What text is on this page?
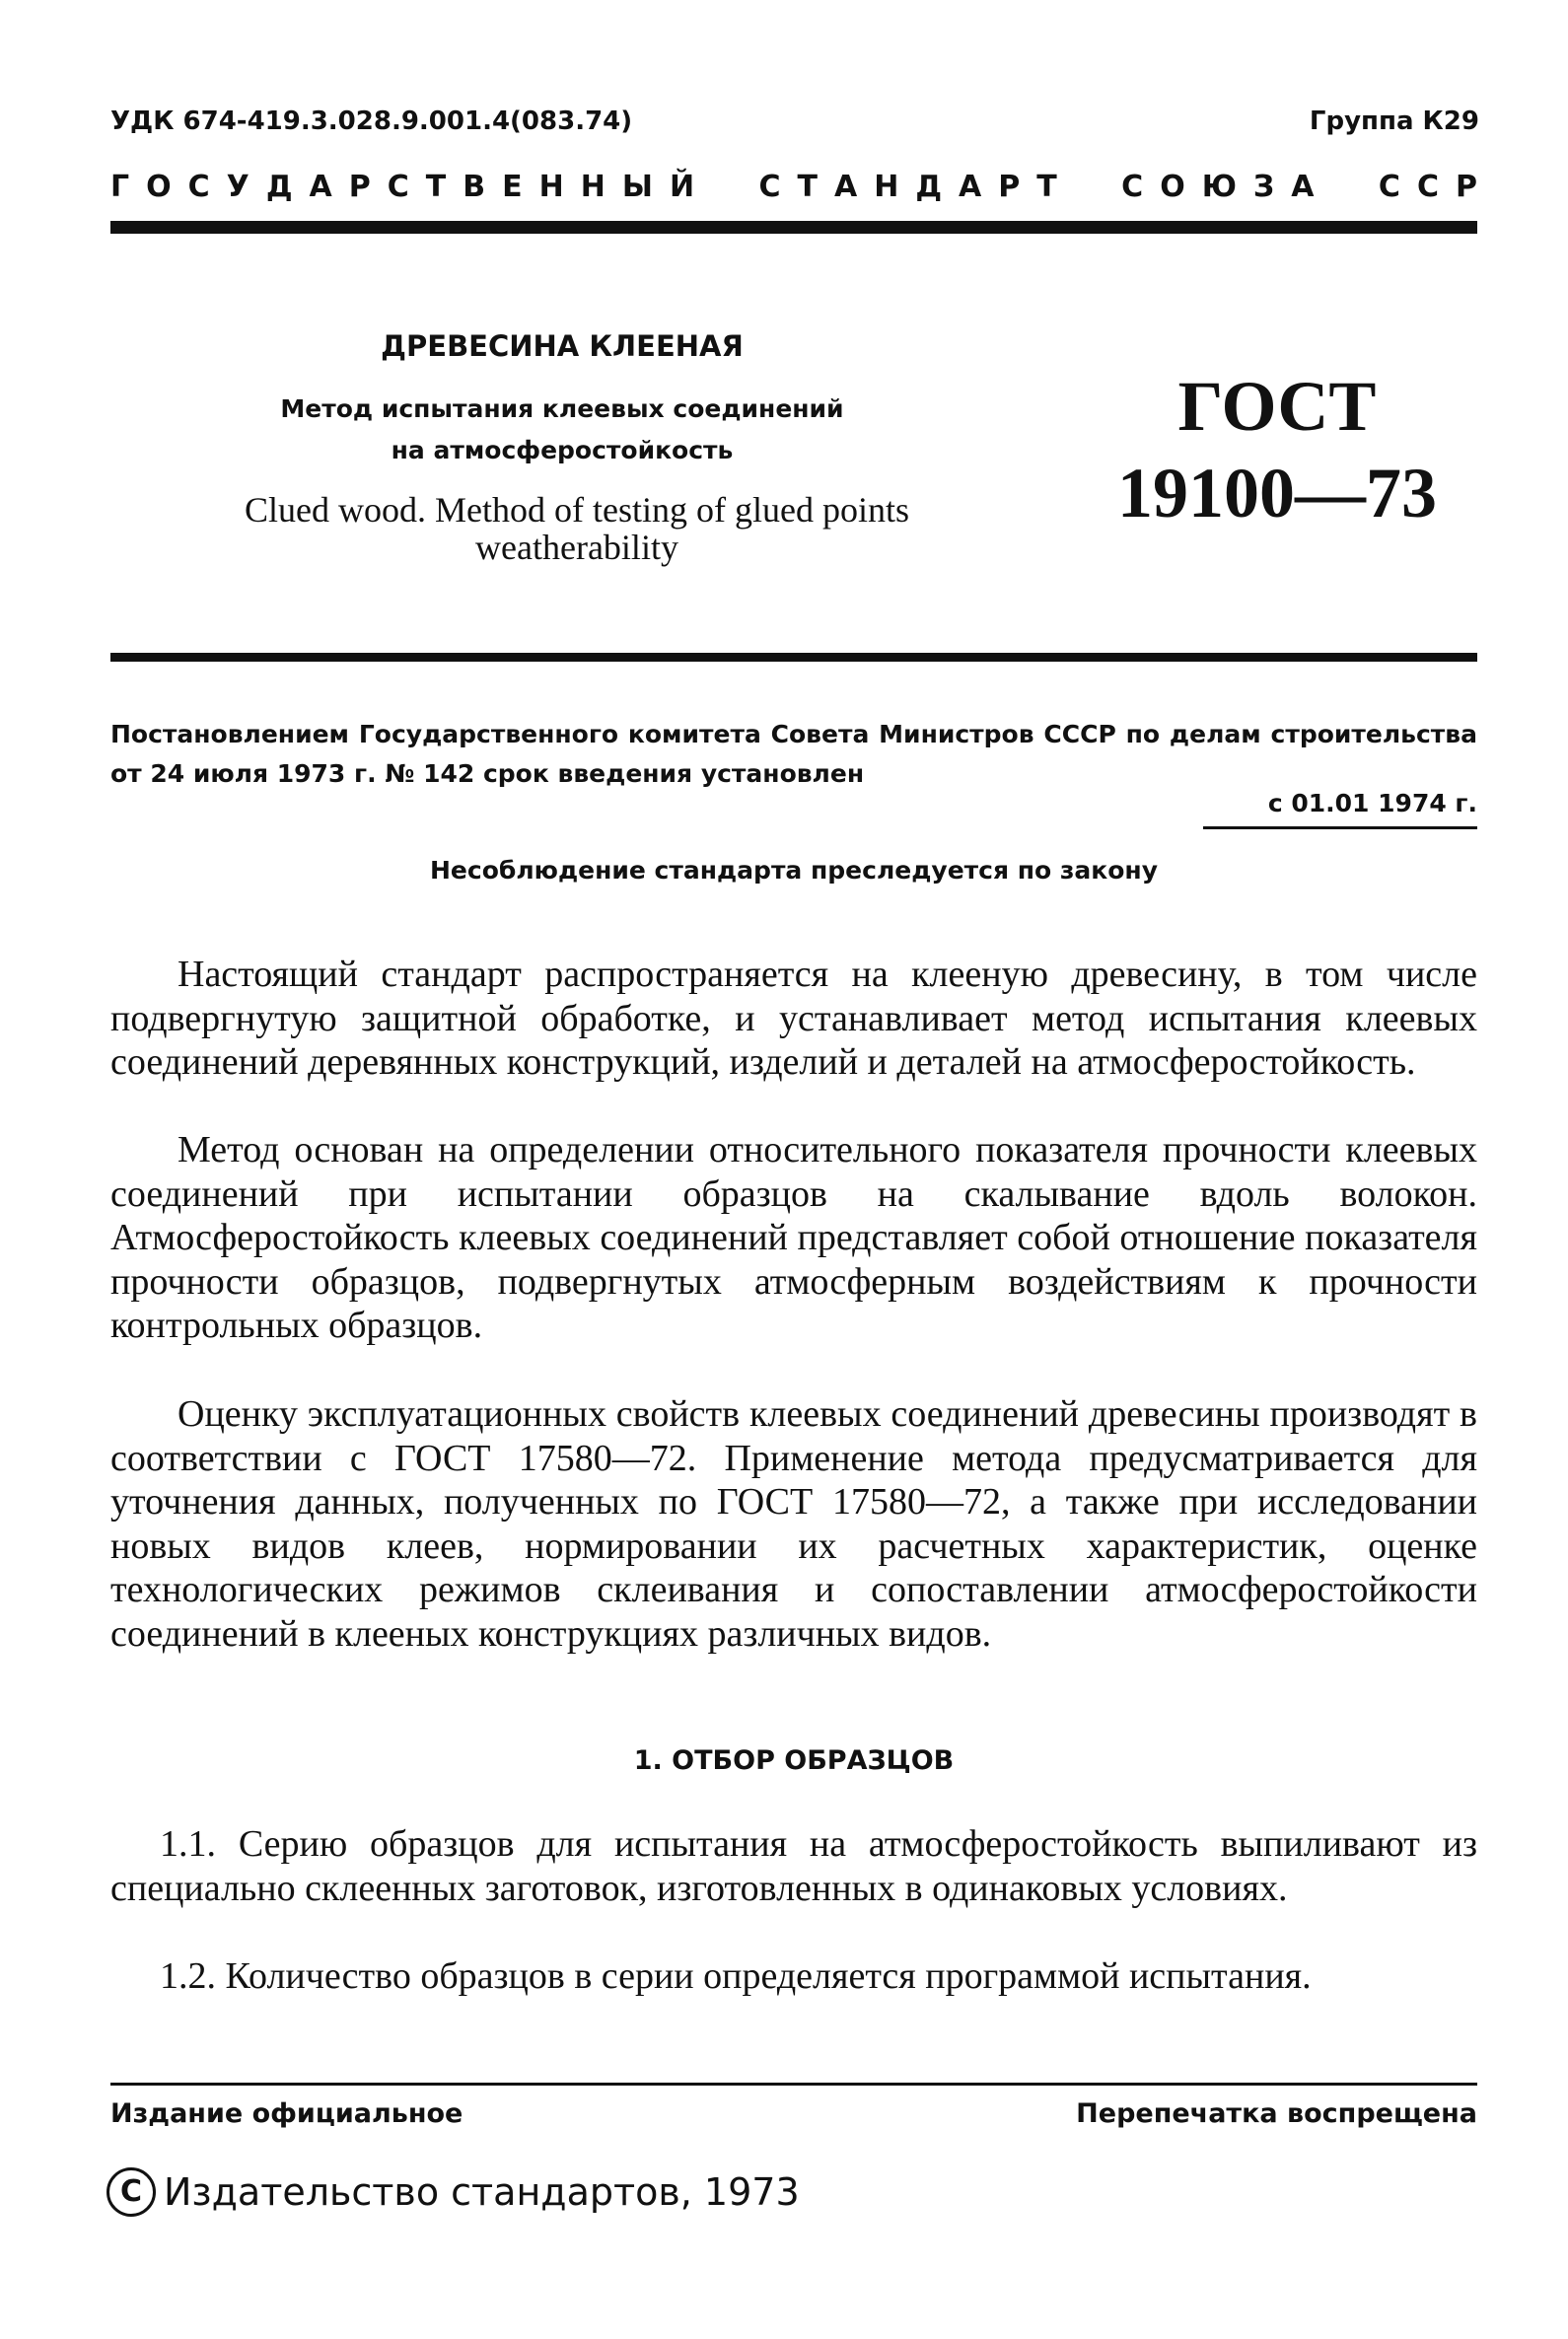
УДК 674-419.3.028.9.001.4(083.74)	Группа К29
Г О С У Д А Р С Т В Е Н Н Ы Й С Т А Н Д А Р Т С О Ю З А С С Р
ДРЕВЕСИНА КЛЕЕНАЯ
Метод испытания клеевых соединений
на атмосферостойкость
Clued wood. Method of testing of glued points
weatherability
ГОСТ
19100—73
Постановлением Государственного комитета Совета Министров СССР по делам строительства от 24 июля 1973 г. № 142 срок введения установлен
с 01.01 1974 г.
Несоблюдение стандарта преследуется по закону
Настоящий стандарт распространяется на клееную древесину, в том числе подвергнутую защитной обработке, и устанавливает метод испытания клеевых соединений деревянных конструкций, изделий и деталей на атмосферостойкость.
Метод основан на определении относительного показателя прочности клеевых соединений при испытании образцов на скалывание вдоль волокон. Атмосферостойкость клеевых соединений представляет собой отношение показателя прочности образцов, подвергнутых атмосферным воздействиям к прочности контрольных образцов.
Оценку эксплуатационных свойств клеевых соединений древесины производят в соответствии с ГОСТ 17580—72. Применение метода предусматривается для уточнения данных, полученных по ГОСТ 17580—72, а также при исследовании новых видов клеев, нормировании их расчетных характеристик, оценке технологических режимов склеивания и сопоставлении атмосферостойкости соединений в клееных конструкциях различных видов.
1. ОТБОР ОБРАЗЦОВ
1.1. Серию образцов для испытания на атмосферостойкость выпиливают из специально склеенных заготовок, изготовленных в одинаковых условиях.
1.2. Количество образцов в серии определяется программой испытания.
Издание официальное	Перепечатка воспрещена
C Издательство стандартов, 1973
